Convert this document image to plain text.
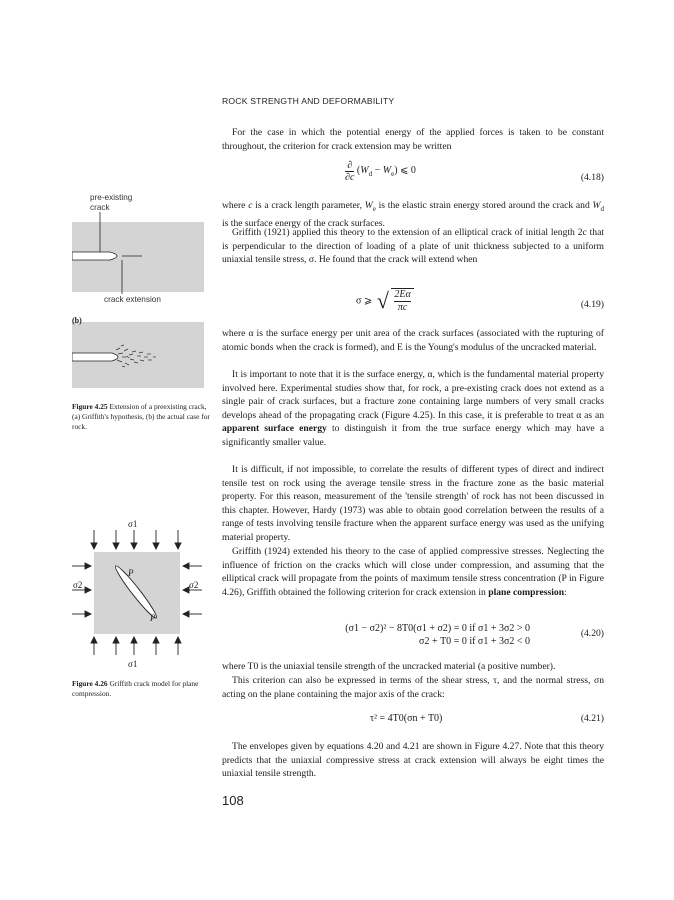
ROCK STRENGTH AND DEFORMABILITY

For the case in which the potential energy of the applied forces is taken to be constant throughout, the criterion for crack extension may be written

∂
∂c
$(W_d - W_e)$ ⩽ 0
(4.18)

where c is a crack length parameter, $W_e$ is the elastic strain energy stored around the crack and $W_d$ is the surface energy of the crack surfaces.

Griffith (1921) applied this theory to the extension of an elliptical crack of initial length 2c that is perpendicular to the direction of loading of a plate of unit thickness subjected to a uniform uniaxial tensile stress, σ. He found that the crack will extend when

σ ⩾ √ $\frac{2E\alpha}{\pi c}$	(4.19)

where α is the surface energy per unit area of the crack surfaces (associated with the rupturing of atomic bonds when the crack is formed), and E is the Young's modulus of the uncracked material.

It is important to note that it is the surface energy, α, which is the fundamental material property involved here. Experimental studies show that, for rock, a pre-existing crack does not extend as a single pair of crack surfaces, but a fracture zone containing large numbers of very small cracks develops ahead of the propagating crack (Figure 4.25). In this case, it is preferable to treat α as an apparent surface energy to distinguish it from the true surface energy which may have a significantly smaller value.

It is difficult, if not impossible, to correlate the results of different types of direct and indirect tensile test on rock using the average tensile stress in the fracture zone as the basic material property. For this reason, measurement of the 'tensile strength' of rock has not been discussed in this chapter. However, Hardy (1973) was able to obtain good correlation between the results of a range of tests involving tensile fracture when the apparent surface energy was used as the unifying material property.

Griffith (1924) extended his theory to the case of applied compressive stresses. Neglecting the influence of friction on the cracks which will close under compression, and assuming that the elliptical crack will propagate from the points of maximum tensile stress concentration (P in Figure 4.26), Griffith obtained the following criterion for crack extension in plane compression:

(σ1 − σ2)² − 8T0(σ1 + σ2) = 0 if σ1 + 3σ2 > 0
σ2 + T0 = 0 if σ1 + 3σ2 < 0
(4.20)

where T0 is the uniaxial tensile strength of the uncracked material (a positive number).

This criterion can also be expressed in terms of the shear stress, τ, and the normal stress, σn acting on the plane containing the major axis of the crack:

τ² = 4T0(σn + T0)	(4.21)

The envelopes given by equations 4.20 and 4.21 are shown in Figure 4.27. Note that this theory predicts that the uniaxial compressive stress at crack extension will always be eight times the uniaxial tensile strength.

108
pre-existing
crack
crack extension
(b)
Figure 4.25 Extension of a preexisting crack, (a) Griffith's hypothesis, (b) the actual case for rock.
σ1
σ2	σ2
P
P
σ1
Figure 4.26 Griffith crack model for plane compression.
